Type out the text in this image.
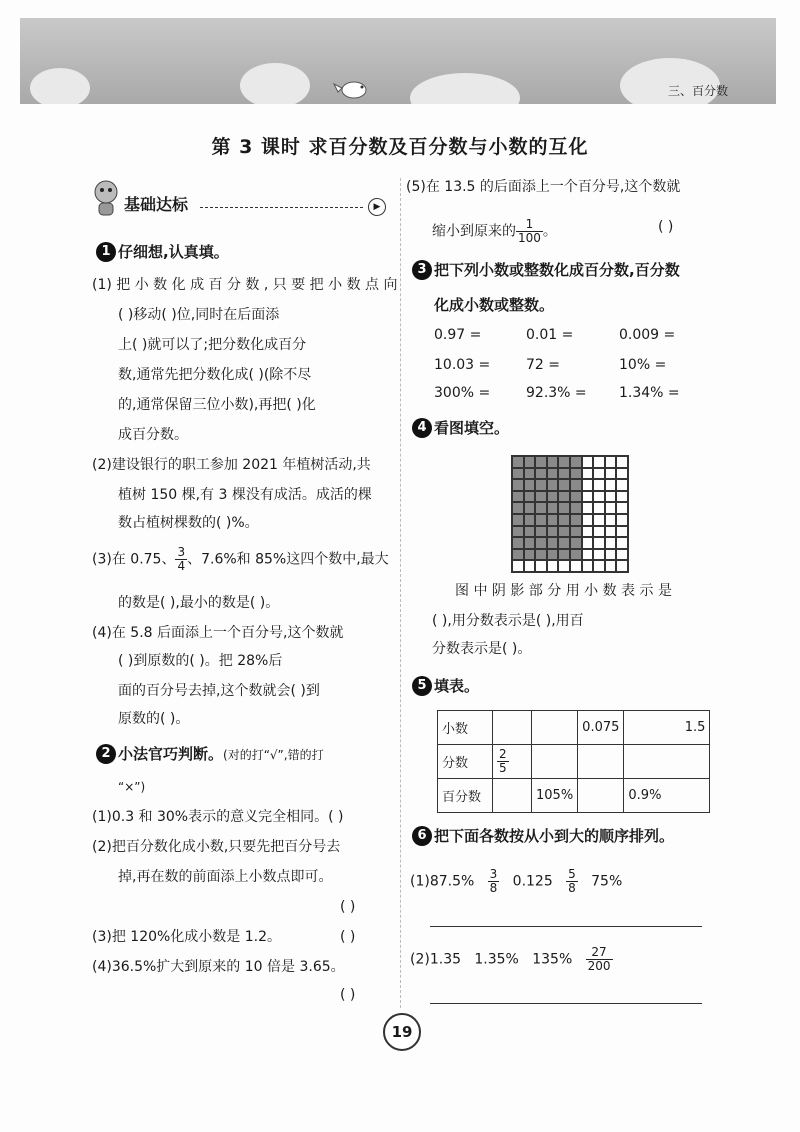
三、百分数
第 3 课时 求百分数及百分数与小数的互化
基础达标	▶
1 仔细想,认真填。
(1) 把 小 数 化 成 百 分 数 , 只 要 把 小 数 点 向
( )移动( )位,同时在后面添
上( )就可以了;把分数化成百分
数,通常先把分数化成( )(除不尽
的,通常保留三位小数),再把( )化
成百分数。
(2)建设银行的职工参加 2021 年植树活动,共
植树 150 棵,有 3 棵没有成活。成活的棵
数占植树棵数的( )%。
(3)在 0.75、 $\frac{3}{4}$ 、7.6%和 85%这四个数中,最大
的数是( ),最小的数是( )。
(4)在 5.8 后面添上一个百分号,这个数就
( )到原数的( )。把 28%后
面的百分号去掉,这个数就会( )到
原数的( )。
2 小法官巧判断。(对的打“√”,错的打
“×”)
(1)0.3 和 30%表示的意义完全相同。( )
(2)把百分数化成小数,只要先把百分号去
掉,再在数的前面添上小数点即可。
( )
(3)把 120%化成小数是 1.2。	( )
(4)36.5%扩大到原来的 10 倍是 3.65。
( )
(5)在 13.5 的后面添上一个百分号,这个数就
缩小到原来的 $\frac{1}{100}$ 。	( )
3 把下列小数或整数化成百分数,百分数
化成小数或整数。
0.97 =	0.01 =	0.009 =
10.03 =	72 =	10% =
300% =	92.3% = 1.34% =
4 看图填空。
图 中 阴 影 部 分 用 小 数 表 示 是
( ),用分数表示是( ),用百
分数表示是( )。
5 填表。
小数			0.075	1.5
分数	$\frac{2}{5}$

百分数		105%		0.9%
6 把下面各数按从小到大的顺序排列。
$(1)87.5\% \frac{3}{8} 0.125 \frac{5}{8} 75\%$
(2)1.35 1.35% $135\% \frac{27}{200}$
19
